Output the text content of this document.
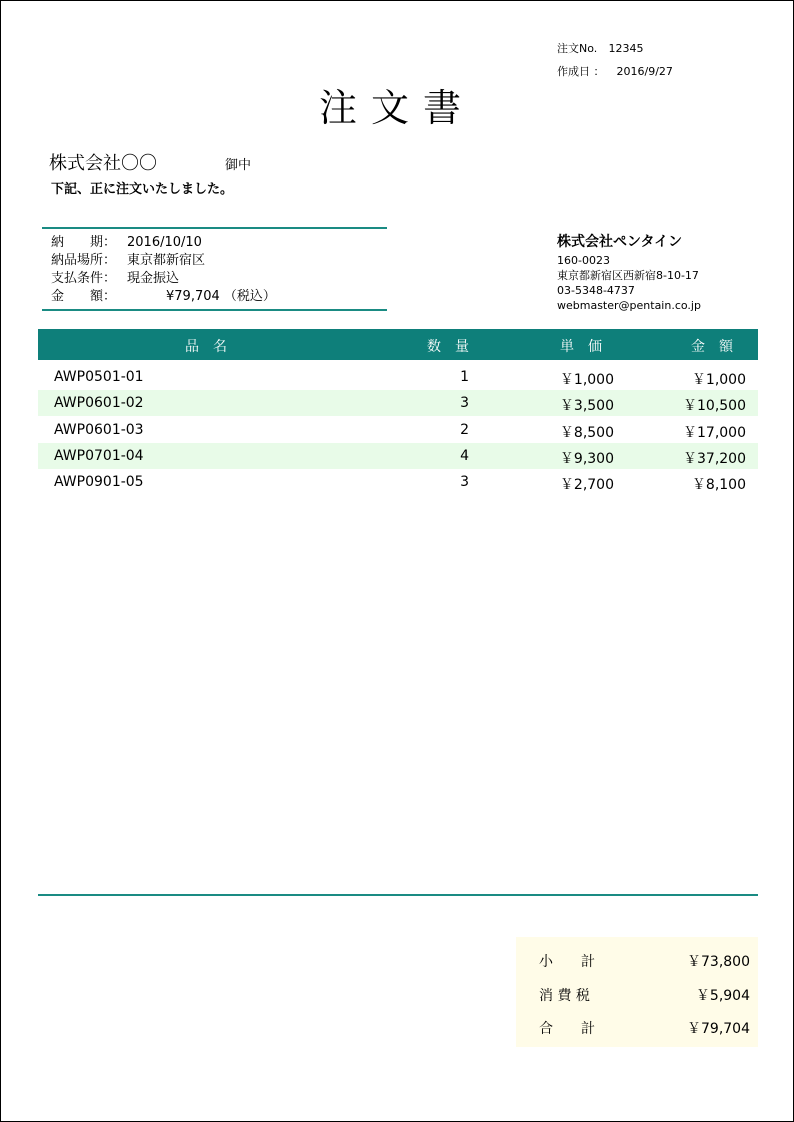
注文No. 12345
作成日 ： 2016/9/27
注文書
株式会社〇〇	御中
下記、正に注文いたしました。
納　　期： 2016/10/10
納品場所： 東京都新宿区
支払条件： 現金振込
金　　額：　　　¥79,704 （税込）
株式会社ペンタイン
160-0023
東京都新宿区西新宿8-10-17
03-5348-4737
webmaster@pentain.co.jp
品　名	数　量	単　価	金　額
AWP0501-01	1	￥1,000	￥1,000
AWP0601-02	3	￥3,500	￥10,500
AWP0601-03	2	￥8,500	￥17,000
AWP0701-04	4	￥9,300	￥37,200
AWP0901-05	3	￥2,700	￥8,100
小　　計	￥73,800
消 費 税	￥5,904
合　　計	￥79,704
